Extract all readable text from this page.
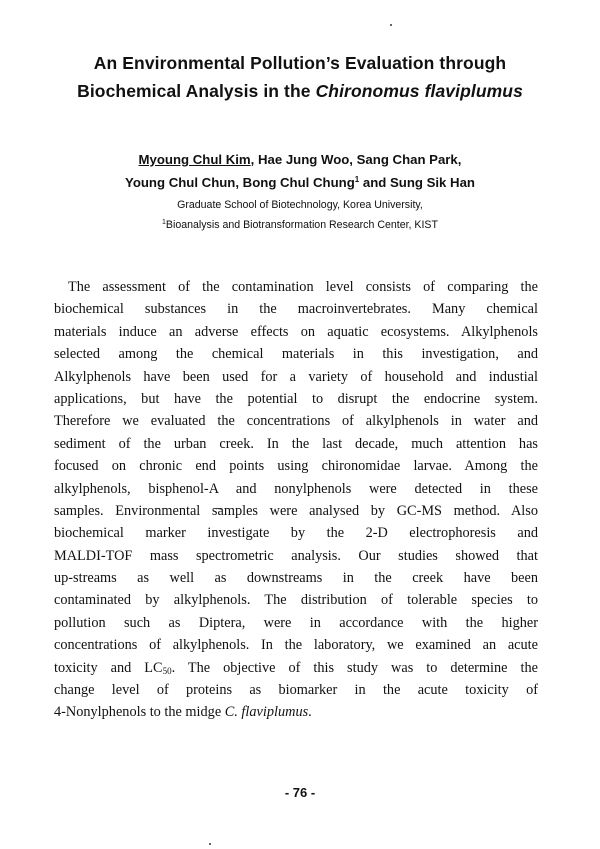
An Environmental Pollution’s Evaluation through
Biochemical Analysis in the Chironomus flaviplumus
Myoung Chul Kim, Hae Jung Woo, Sang Chan Park,
Young Chul Chun, Bong Chul Chung$^1$ and Sung Sik Han
Graduate School of Biotechnology, Korea University,
$^1$Bioanalysis and Biotransformation Research Center, KIST
The assessment of the contamination level consists of comparing the
biochemical substances in the macroinvertebrates. Many chemical
materials induce an adverse effects on aquatic ecosystems. Alkylphenols
selected among the chemical materials in this investigation, and
Alkylphenols have been used for a variety of household and industial
applications, but have the potential to disrupt the endocrine system.
Therefore we evaluated the concentrations of alkylphenols in water and
sediment of the urban creek. In the last decade, much attention has
focused on chronic end points using chironomidae larvae. Among the
alkylphenols, bisphenol-A and nonylphenols were detected in these
samples. Environmental samples were analysed by GC-MS method. Also
biochemical marker investigate by the 2-D electrophoresis and
MALDI-TOF mass spectrometric analysis. Our studies showed that
up-streams as well as downstreams in the creek have been
contaminated by alkylphenols. The distribution of tolerable species to
pollution such as Diptera, were in accordance with the higher
concentrations of alkylphenols. In the laboratory, we examined an acute
toxicity and $LC_{50}$. The objective of this study was to determine the
change level of proteins as biomarker in the acute toxicity of
4-Nonylphenols to the midge C. flaviplumus.
- 76 -
